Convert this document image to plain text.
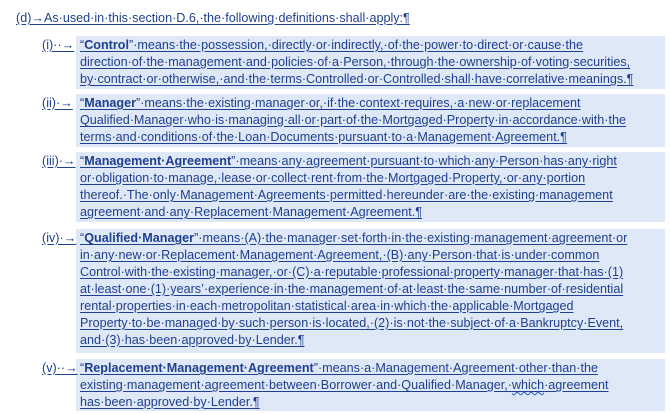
(d)→As·used·in·this·section·D.6,·the·following·definitions·shall·apply:¶

(i)··→ “Control”·means·the·possession,·directly·or·indirectly,·of·the·power·to·direct·or·cause·the

direction·of·the·management·and·policies·of·a·Person,·through·the·ownership·of·voting·securities,

by·contract·or·otherwise,·and·the·terms·Controlled·or·Controlled·shall·have·correlative·meanings.¶

(ii)·→ “Manager”·means·the·existing·manager·or,·if·the·context·requires,·a·new·or·replacement

Qualified·Manager·who·is·managing·all·or·part·of·the·Mortgaged·Property·in·accordance·with·the

terms·and·conditions·of·the·Loan·Documents·pursuant·to·a·Management·Agreement.¶

(iii)·→ “Management·Agreement”·means·any·agreement·pursuant·to·which·any·Person·has·any·right

or·obligation·to·manage,·lease·or·collect·rent·from·the·Mortgaged·Property,·or·any·portion

thereof.·The·only·Management·Agreements·permitted·hereunder·are·the·existing·management

agreement·and·any·Replacement·Management·Agreement.¶

(iv)·→ “Qualified·Manager”·means·(A)·the·manager·set·forth·in·the·existing·management·agreement·or

in·any·new·or·Replacement·Management·Agreement,·(B)·any·Person·that·is·under·common

Control·with·the·existing·manager,·or·(C)·a·reputable·professional·property·manager·that·has·(1)

at·least·one·(1)·years’·experience·in·the·management·of·at·least·the·same·number·of·residential

rental·properties·in·each·metropolitan·statistical·area·in·which·the·applicable·Mortgaged

Property·to·be·managed·by·such·person·is·located,·(2)·is·not·the·subject·of·a·Bankruptcy·Event,

and·(3)·has·been·approved·by·Lender.¶

(v)··→ “Replacement·Management·Agreement”·means·a·Management·Agreement·other·than·the

existing·management·agreement·between·Borrower·and·Qualified·Manager,·which·agreement

has·been·approved·by·Lender.¶
